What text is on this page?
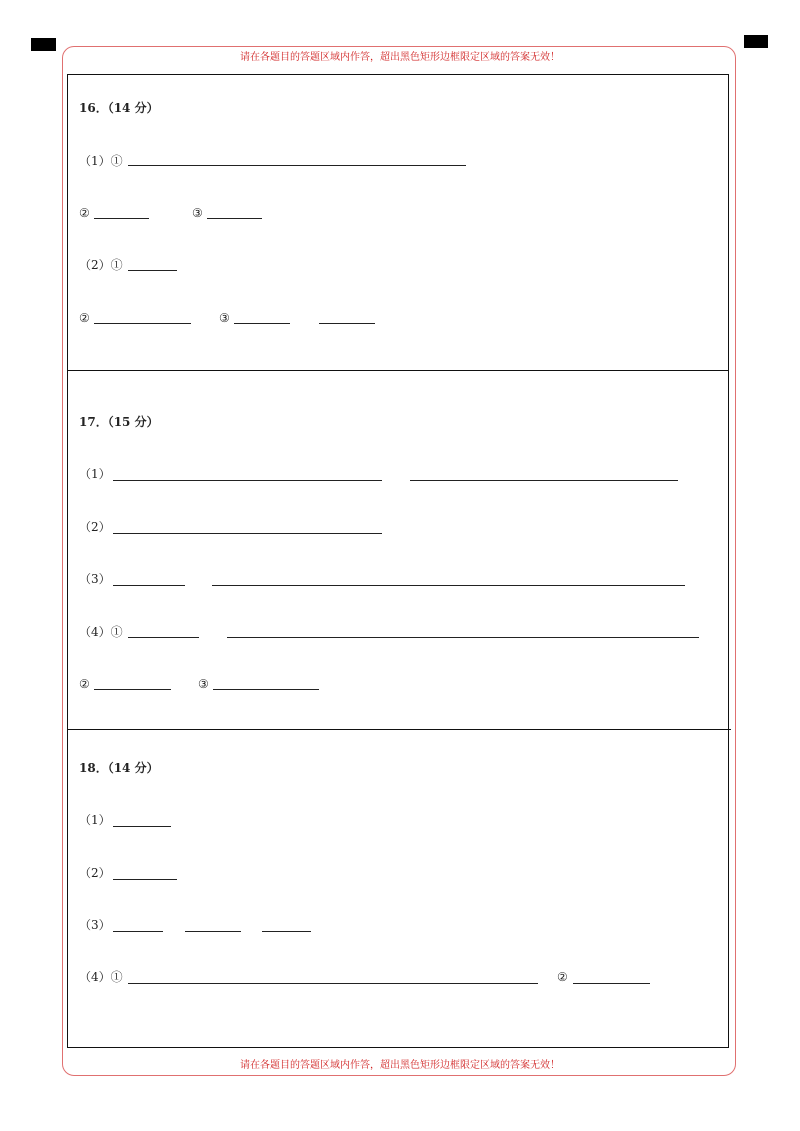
请在各题目的答题区域内作答，超出黑色矩形边框限定区域的答案无效！
请在各题目的答题区域内作答，超出黑色矩形边框限定区域的答案无效！
16．（14 分）
（1）①
②	③
（2）①
②	③
17．（15 分）
（1）
（2）
（3）
（4）①
②	③
18．（14 分）
（1）
（2）
（3）
（4）①	②
